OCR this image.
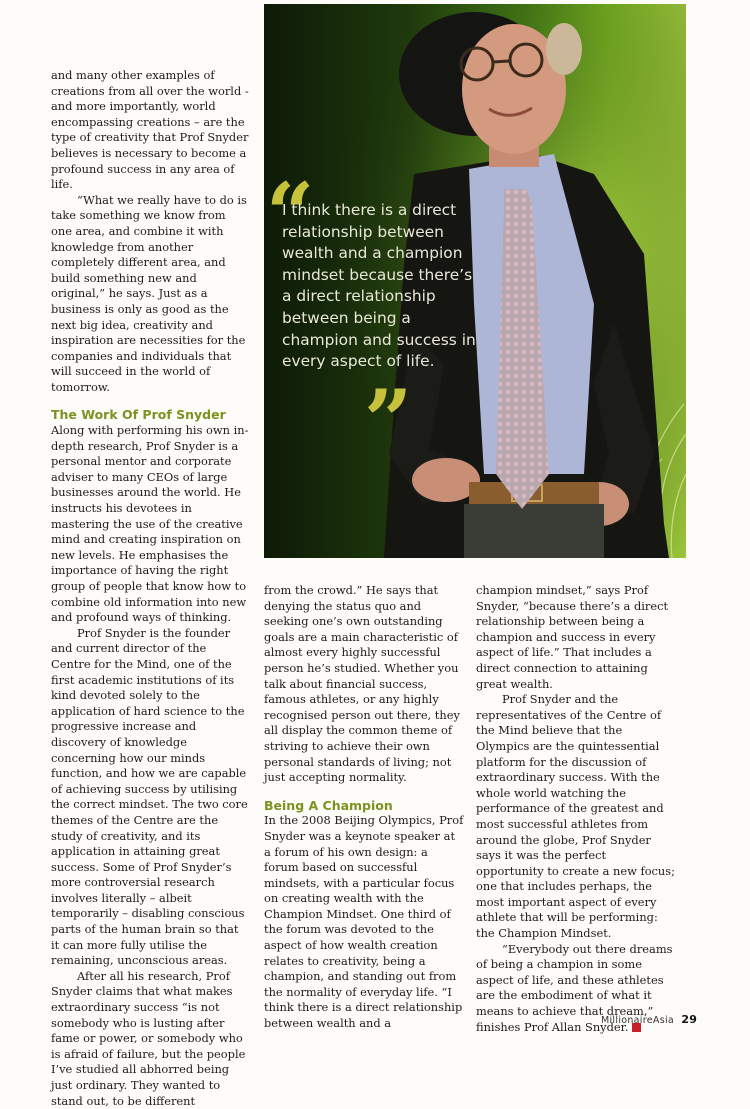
and many other examples of creations from all over the world - and more importantly, world encompassing creations – are the type of creativity that Prof Snyder believes is necessary to become a profound success in any area of life.

“What we really have to do is take something we know from one area, and combine it with knowledge from another completely different area, and build something new and original,” he says. Just as a business is only as good as the next big idea, creativity and inspiration are necessities for the companies and individuals that will succeed in the world of tomorrow.

The Work Of Prof Snyder

Along with performing his own in-depth research, Prof Snyder is a personal mentor and corporate adviser to many CEOs of large businesses around the world. He instructs his devotees in mastering the use of the creative mind and creating inspiration on new levels. He emphasises the importance of having the right group of people that know how to combine old information into new and profound ways of thinking.

Prof Snyder is the founder and current director of the Centre for the Mind, one of the first academic institutions of its kind devoted solely to the application of hard science to the progressive increase and discovery of knowledge concerning how our minds function, and how we are capable of achieving success by utilising the correct mindset. The two core themes of the Centre are the study of creativity, and its application in attaining great success. Some of Prof Snyder’s more controversial research involves literally – albeit temporarily – disabling conscious parts of the human brain so that it can more fully utilise the remaining, unconscious areas.

After all his research, Prof Snyder claims that what makes extraordinary success “is not somebody who is lusting after fame or power, or somebody who is afraid of failure, but the people I’ve studied all abhorred being just ordinary. They wanted to stand out, to be different

“
I think there is a direct relationship between wealth and a champion mindset because there’s a direct relationship between being a champion and success in every aspect of life.
”

from the crowd.” He says that denying the status quo and seeking one’s own outstanding goals are a main characteristic of almost every highly successful person he’s studied. Whether you talk about financial success, famous athletes, or any highly recognised person out there, they all display the common theme of striving to achieve their own personal standards of living; not just accepting normality.

Being A Champion

In the 2008 Beijing Olympics, Prof Snyder was a keynote speaker at a forum of his own design: a forum based on successful mindsets, with a particular focus on creating wealth with the Champion Mindset. One third of the forum was devoted to the aspect of how wealth creation relates to creativity, being a champion, and standing out from the normality of everyday life. “I think there is a direct relationship between wealth and a

champion mindset,” says Prof Snyder, “because there’s a direct relationship between being a champion and success in every aspect of life.” That includes a direct connection to attaining great wealth.

Prof Snyder and the representatives of the Centre of the Mind believe that the Olympics are the quintessential platform for the discussion of extraordinary success. With the whole world watching the performance of the greatest and most successful athletes from around the globe, Prof Snyder says it was the perfect opportunity to create a new focus; one that includes perhaps, the most important aspect of every athlete that will be performing: the Champion Mindset.

“Everybody out there dreams of being a champion in some aspect of life, and these athletes are the embodiment of what it means to achieve that dream,” finishes Prof Allan Snyder.

MillionaireAsia 29
